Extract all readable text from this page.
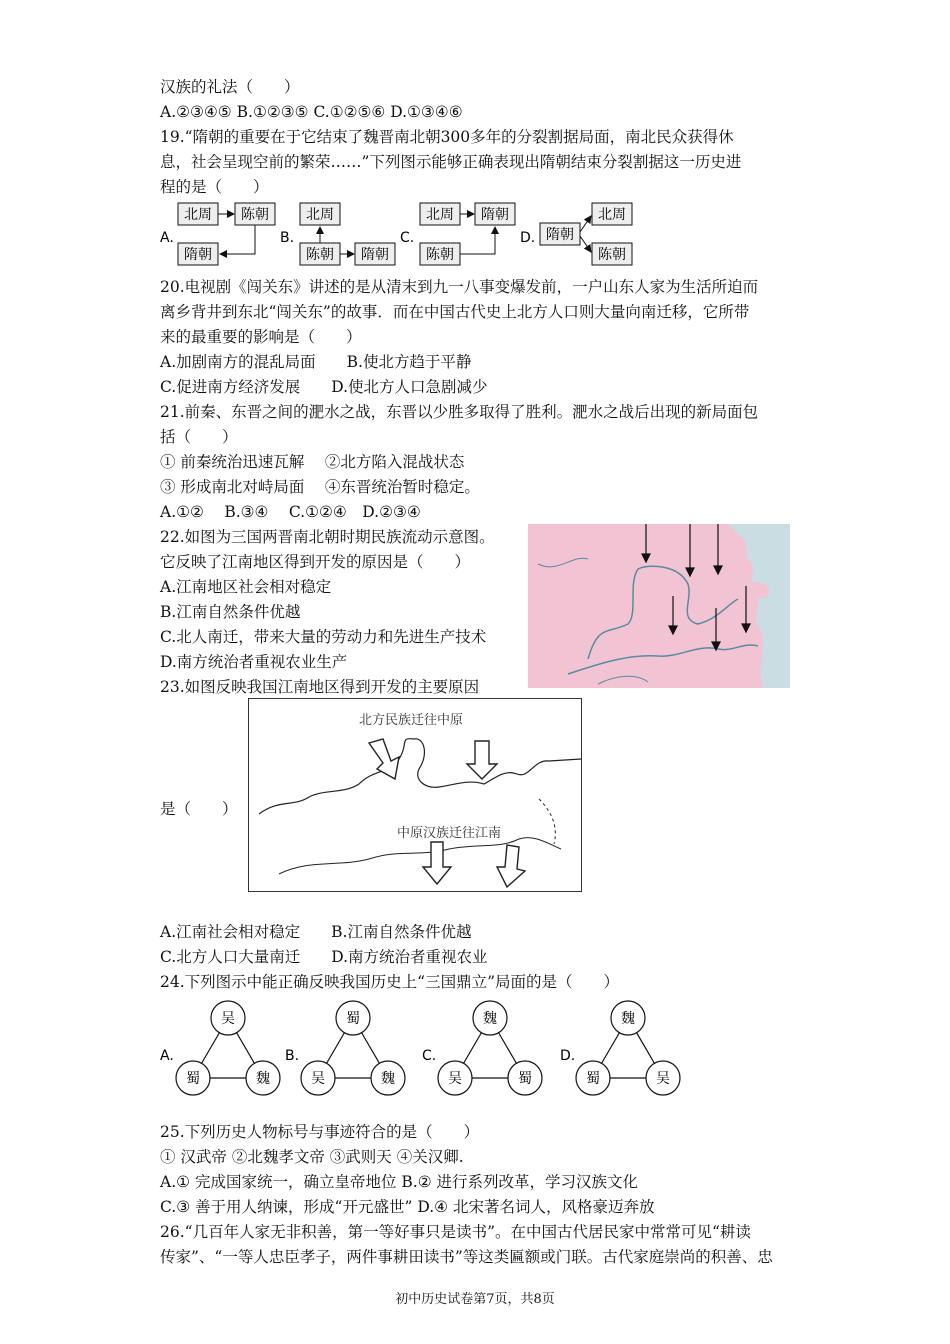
汉族的礼法（　　）
A.②③④⑤ B.①②③⑤ C.①②⑤⑥ D.①③④⑥
19.“隋朝的重要在于它结束了魏晋南北朝300多年的分裂割据局面，南北民众获得休
息，社会呈现空前的繁荣……”下列图示能够正确表现出隋朝结束分裂割据这一历史进
程的是（　　）
A.
北周 陈朝
隋朝
B.
北周
陈朝 隋朝
C.
北周 隋朝
陈朝
D. 隋朝
北周
陈朝
20.电视剧《闯关东》讲述的是从清末到九一八事变爆发前，一户山东人家为生活所迫而
离乡背井到东北“闯关东”的故事．而在中国古代史上北方人口则大量向南迁移，它所带
来的最重要的影响是（　　）
A.加剧南方的混乱局面　　B.使北方趋于平静
C.促进南方经济发展　　D.使北方人口急剧减少
21.前秦、东晋之间的淝水之战，东晋以少胜多取得了胜利。淝水之战后出现的新局面包
括（　　）
① 前秦统治迅速瓦解　 ②北方陷入混战状态
③ 形成南北对峙局面　 ④东晋统治暂时稳定。
A.①②　 B.③④　 C.①②④　D.②③④
22.如图为三国两晋南北朝时期民族流动示意图。
它反映了江南地区得到开发的原因是（　　）
A.江南地区社会相对稳定
B.江南自然条件优越
C.北人南迁，带来大量的劳动力和先进生产技术
D.南方统治者重视农业生产
23.如图反映我国江南地区得到开发的主要原因
北方民族迁往中原
中原汉族迁往江南
是（　　）
A.江南社会相对稳定　　B.江南自然条件优越
C.北方人口大量南迁　　D.南方统治者重视农业
24.下列图示中能正确反映我国历史上“三国鼎立”局面的是（　　）
A.
吴
蜀	魏
B.
蜀
吴	魏
C.
魏
吴	蜀
D.
魏
蜀	吴
25.下列历史人物标号与事迹符合的是（　　）
① 汉武帝 ②北魏孝文帝 ③武则天 ④关汉卿.
A.① 完成国家统一，确立皇帝地位 B.② 进行系列改革，学习汉族文化
C.③ 善于用人纳谏，形成“开元盛世” D.④ 北宋著名词人，风格豪迈奔放
26.“几百年人家无非积善，第一等好事只是读书”。在中国古代居民家中常常可见“耕读
传家”、“一等人忠臣孝子，两件事耕田读书”等这类匾额或门联。古代家庭崇尚的积善、忠
初中历史试卷第7页，共8页
